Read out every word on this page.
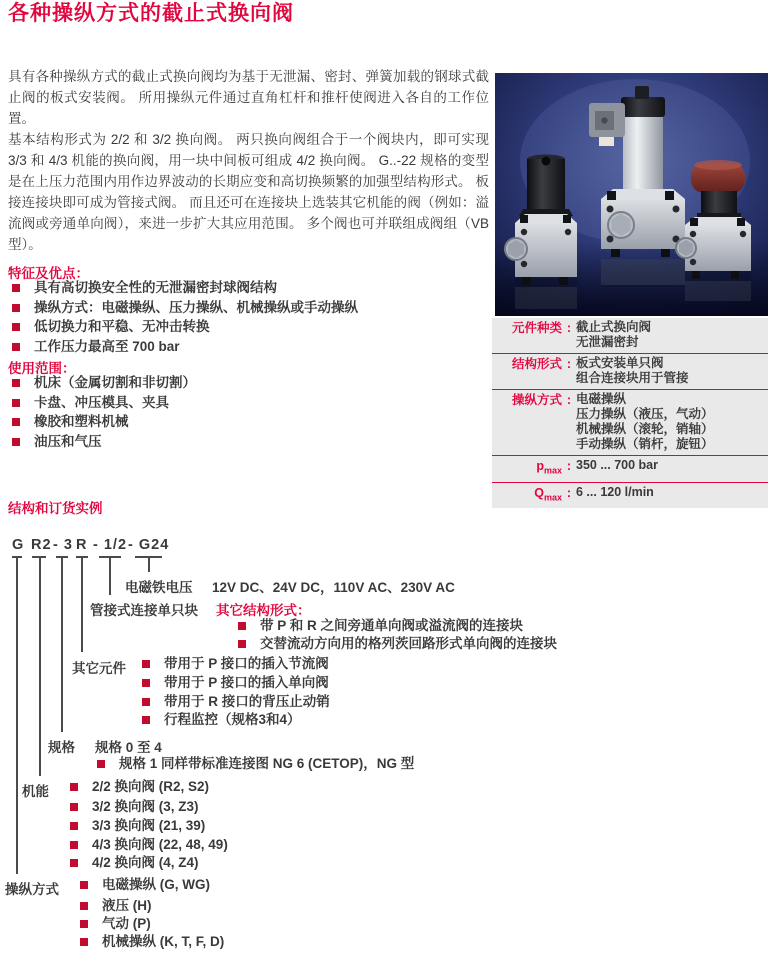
各种操纵方式的截止式换向阀

具有各种操纵方式的截止式换向阀均为基于无泄漏、密封、弹簧加载的钢球式截止阀的板式安装阀。 所用操纵元件通过直角杠杆和推杆使阀进入各自的工作位置。

基本结构形式为 2/2 和 3/2 换向阀。 两只换向阀组合于一个阀块内，即可实现 3/3 和 4/3 机能的换向阀，用一块中间板可组成 4/2 换向阀。 G..-22 规格的变型是在上压力范围内用作边界波动的长期应变和高切换频繁的加强型结构形式。 板接连接块即可成为管接式阀。 而且还可在连接块上选装其它机能的阀（例如：溢流阀或旁通单向阀），来进一步扩大其应用范围。 多个阀也可并联组成阀组（VB 型）。

特征及优点：
具有高切换安全性的无泄漏密封球阀结构
操纵方式：电磁操纵、压力操纵、机械操纵或手动操纵
低切换力和平稳、无冲击转换
工作压力最高至 700 bar
使用范围：
机床（金属切割和非切割）
卡盘、冲压模具、夹具
橡胶和塑料机械
油压和气压
元件种类 : 截止式换向阀
无泄漏密封
结构形式 : 板式安装单只阀
组合连接块用于管接
操纵方式 : 电磁操纵
压力操纵（液压，气动）
机械操纵（滚轮，销轴）
手动操纵（销杆，旋钮）
$p_{max}$ : 350 ... 700 bar
$Q_{max}$ : 6 ... 120 l/min
结构和订货实例
G R2 - 3 R - 1/2 - G24
电磁铁电压 12V DC、24V DC，110V AC、230V AC
管接式连接单只块 其它结构形式：
带 P 和 R 之间旁通单向阀或溢流阀的连接块
交替流动方向用的格列茨回路形式单向阀的连接块
其它元件	带用于 P 接口的插入节流阀
带用于 P 接口的插入单向阀
带用于 R 接口的背压止动销
行程监控（规格3和4）
规格 规格 0 至 4
规格 1 同样带标准连接图 NG 6 (CETOP)，NG 型
机能	2/2 换向阀 (R2, S2)
3/2 换向阀 (3, Z3)
3/3 换向阀 (21, 39)
4/3 换向阀 (22, 48, 49)
4/2 换向阀 (4, Z4)
操纵方式	电磁操纵 (G, WG)
液压 (H)
气动 (P)
机械操纵 (K, T, F, D)
